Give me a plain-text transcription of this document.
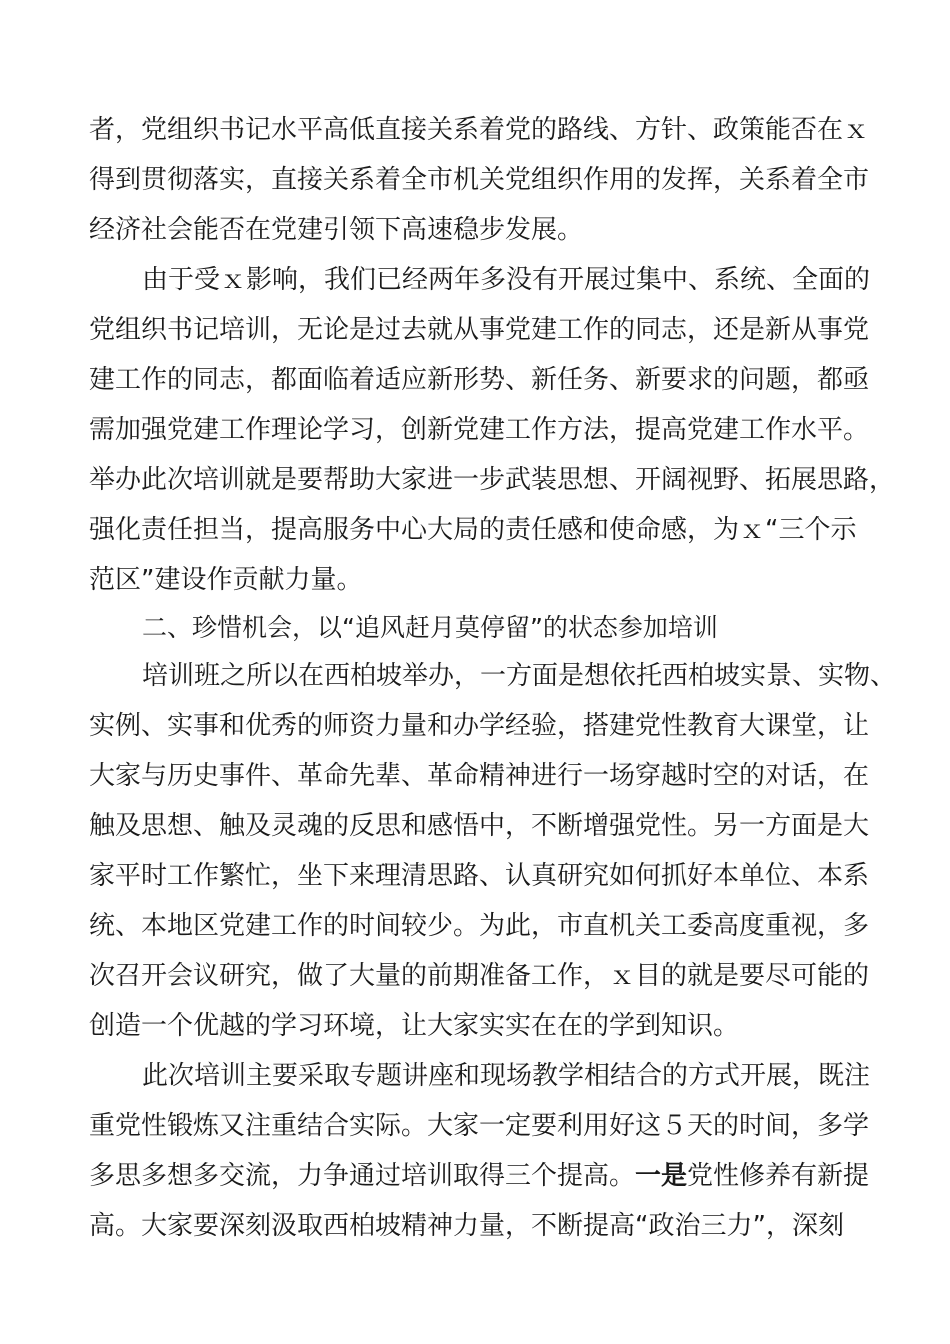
者，党组织书记水平高低直接关系着党的路线、方针、政策能否在ｘ
得到贯彻落实，直接关系着全市机关党组织作用的发挥，关系着全市
经济社会能否在党建引领下高速稳步发展。
由于受ｘ影响，我们已经两年多没有开展过集中、系统、全面的
党组织书记培训，无论是过去就从事党建工作的同志，还是新从事党
建工作的同志，都面临着适应新形势、新任务、新要求的问题，都亟
需加强党建工作理论学习，创新党建工作方法，提高党建工作水平。
举办此次培训就是要帮助大家进一步武装思想、开阔视野、拓展思路，
强化责任担当，提高服务中心大局的责任感和使命感，为ｘ“三个示
范区”建设作贡献力量。
二、珍惜机会，以“追风赶月莫停留”的状态参加培训
培训班之所以在西柏坡举办，一方面是想依托西柏坡实景、实物、
实例、实事和优秀的师资力量和办学经验，搭建党性教育大课堂，让
大家与历史事件、革命先辈、革命精神进行一场穿越时空的对话，在
触及思想、触及灵魂的反思和感悟中，不断增强党性。另一方面是大
家平时工作繁忙，坐下来理清思路、认真研究如何抓好本单位、本系
统、本地区党建工作的时间较少。为此，市直机关工委高度重视，多
次召开会议研究，做了大量的前期准备工作，ｘ目的就是要尽可能的
创造一个优越的学习环境，让大家实实在在的学到知识。
此次培训主要采取专题讲座和现场教学相结合的方式开展，既注
重党性锻炼又注重结合实际。大家一定要利用好这５天的时间，多学
多思多想多交流，力争通过培训取得三个提高。一是党性修养有新提
高。大家要深刻汲取西柏坡精神力量，不断提高“政治三力”，深刻
